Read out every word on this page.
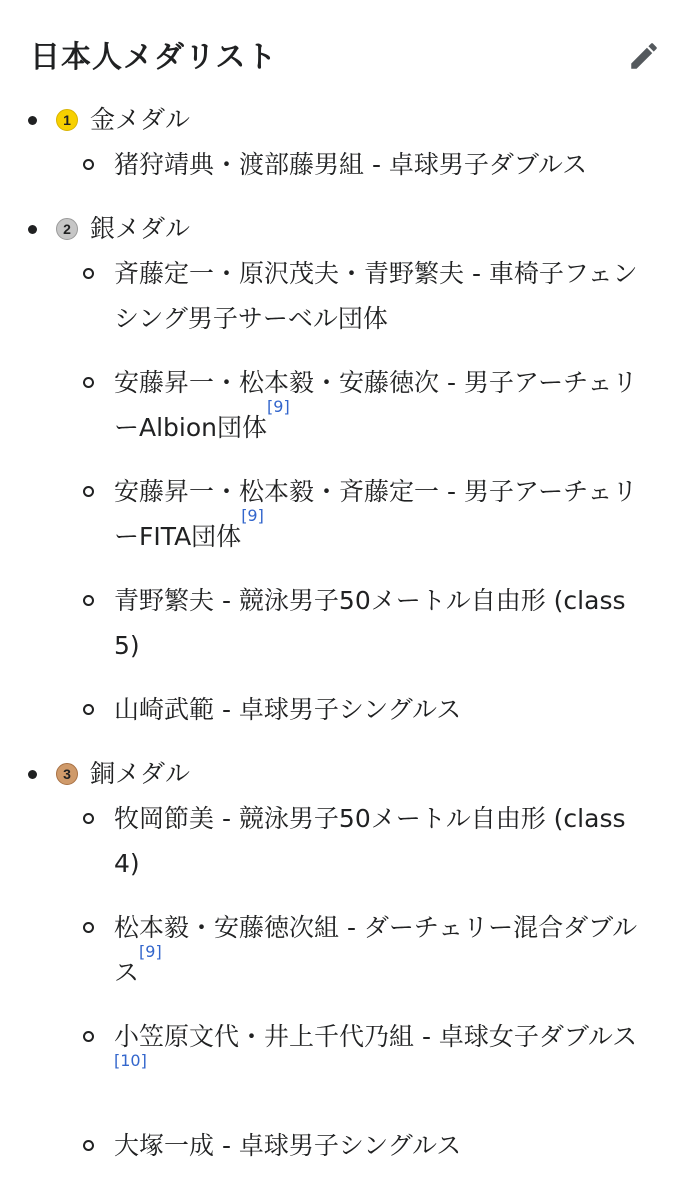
日本人メダリスト
1 金メダル
猪狩靖典・渡部藤男組 - 卓球男子ダブルス
2 銀メダル
斉藤定一・原沢茂夫・青野繁夫 - 車椅子フェンシング男子サーベル団体
安藤昇一・松本毅・安藤徳次 - 男子アーチェリーAlbion団体[9]
安藤昇一・松本毅・斉藤定一 - 男子アーチェリーFITA団体[9]
青野繁夫 - 競泳男子50メートル自由形 (class 5)
山崎武範 - 卓球男子シングルス
3 銅メダル
牧岡節美 - 競泳男子50メートル自由形 (class 4)
松本毅・安藤徳次組 - ダーチェリー混合ダブルス[9]
小笠原文代・井上千代乃組 - 卓球女子ダブルス[10]
大塚一成 - 卓球男子シングルス
